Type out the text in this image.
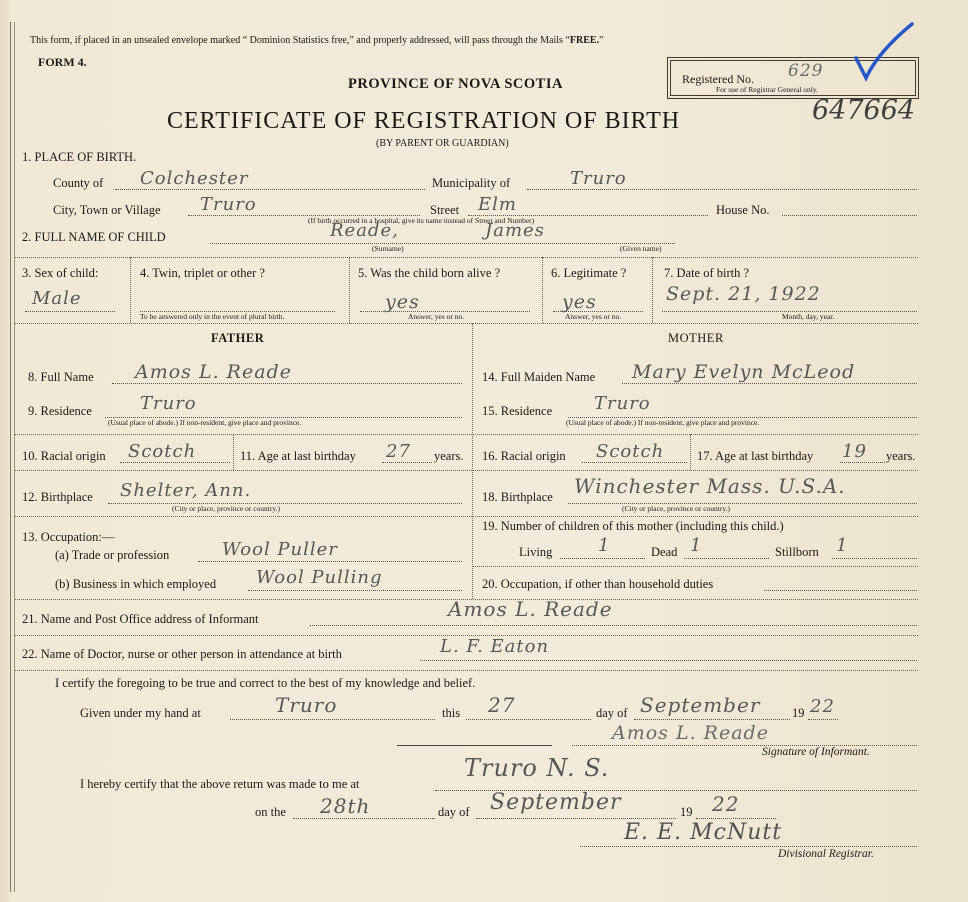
This form, if placed in an unsealed envelope marked “ Dominion Statistics free,” and properly addressed, will pass through the Mails “FREE.”
FORM 4.
PROVINCE OF NOVA SCOTIA
CERTIFICATE OF REGISTRATION OF BIRTH
(BY PARENT OR GUARDIAN)
Registered No. 629
For use of Registrar General only.
647664
1. PLACE OF BIRTH.
County of Colchester	Municipality of	Truro
City, Town or Village Truro	Street Elm	House No.
(If birth occurred in a hospital, give its name instead of Street and Number)
2. FULL NAME OF CHILD	Reade,	James
(Surname)	(Given name)
3. Sex of child:
Male
4. Twin, triplet or other ?
To be answered only in the event of plural birth.
5. Was the child born alive ?
yes
Answer, yes or no.
6. Legitimate ?
yes
Answer, yes or no.
7. Date of birth ?
Sept. 21, 1922
Month, day, year.
FATHER	MOTHER
8. Full Name Amos L. Reade
9. Residence	Truro
(Usual place of abode.) If non-resident, give place and province.
10. Racial origin Scotch	11. Age at last birthday 27 years.
12. Birthplace Shelter, Ann.
(City or place, province or country.)
13. Occupation:—
(a) Trade or profession	Wool Puller
(b) Business in which employed Wool Pulling
14. Full Maiden Name Mary Evelyn McLeod
15. Residence Truro
(Usual place of abode.) If non-resident, give place and province.
16. Racial origin Scotch	17. Age at last birthday 19 years.
18. Birthplace Winchester Mass. U.S.A.
(City or place, province or country.)
19. Number of children of this mother (including this child.)
Living	1	Dead 1	Stillborn 1
20. Occupation, if other than household duties
21. Name and Post Office address of Informant	Amos L. Reade
22. Name of Doctor, nurse or other person in attendance at birth	L. F. Eaton
I certify the foregoing to be true and correct to the best of my knowledge and belief.
Given under my hand at	Truro	this 27	day of September	19 22
Amos L. Reade
Signature of Informant.
I hereby certify that the above return was made to me at
Truro N. S.
on the 28th	day of September	19 22
E. E. McNutt
Divisional Registrar.
